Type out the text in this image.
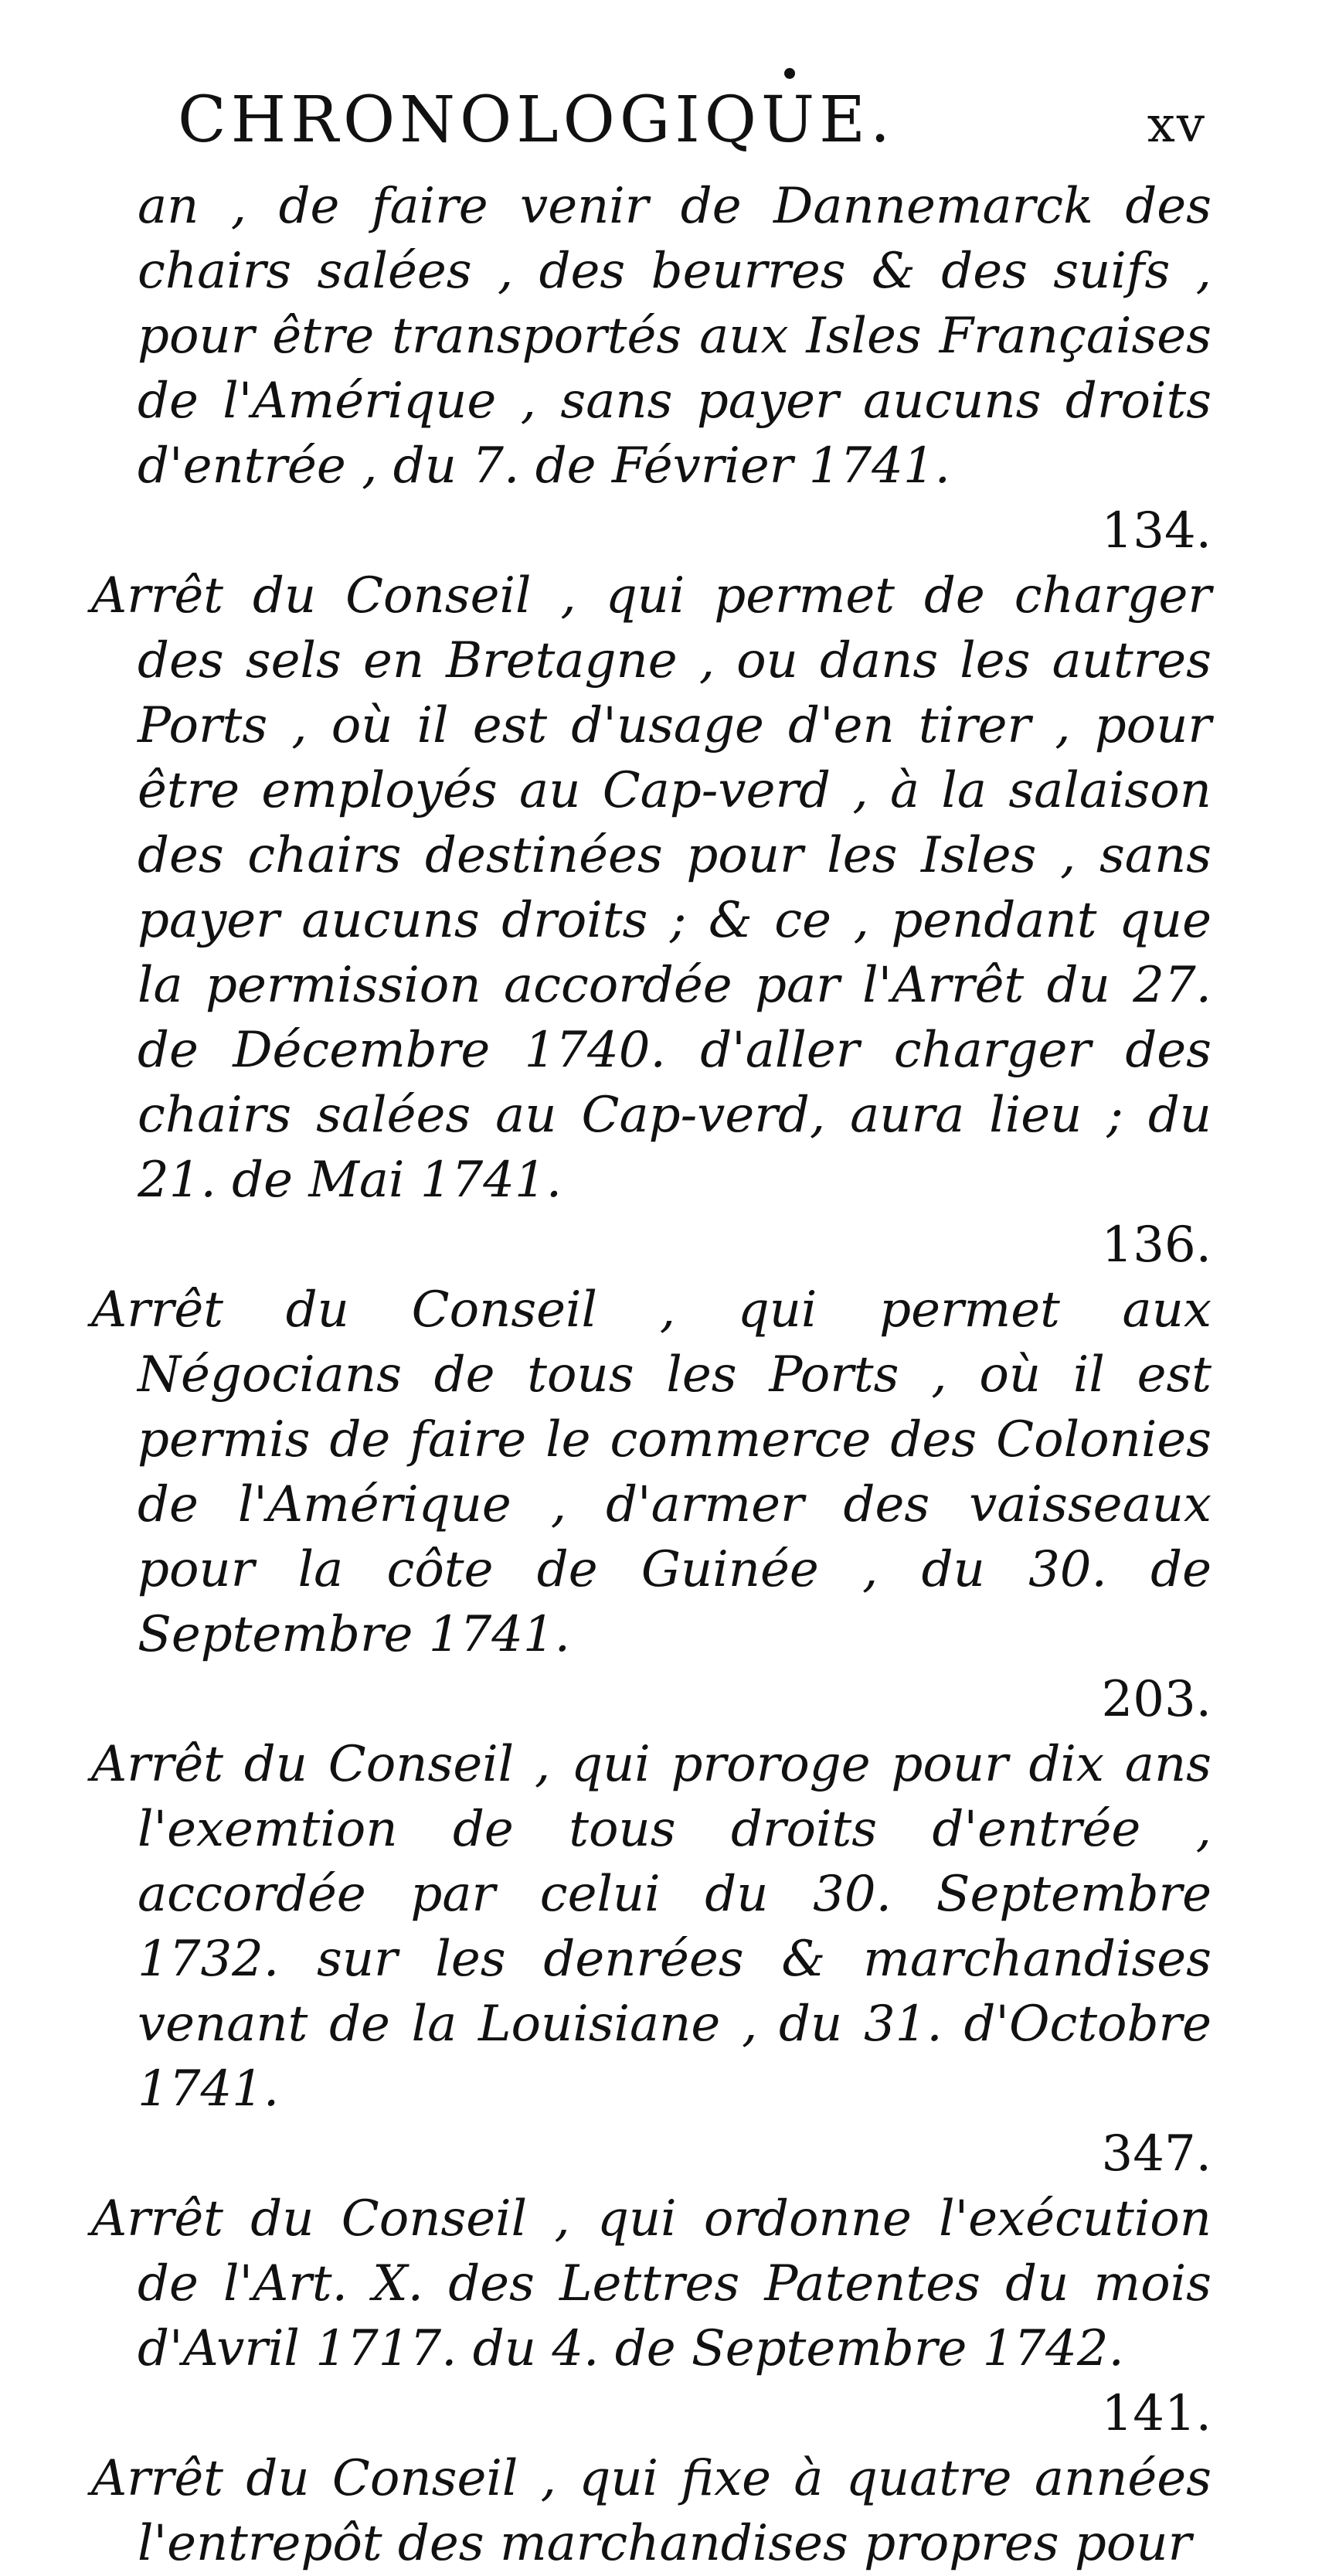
CHRONOLOGIQUE.	xv

an , de faire venir de Dannemarck des chairs salées , des beurres & des suifs , pour être transportés aux Isles Françaises de l'Amérique , sans payer aucuns droits d'entrée , du 7. de Février 1741.
134.

Arrêt du Conseil , qui permet de charger des sels en Bretagne , ou dans les autres Ports , où il est d'usage d'en tirer , pour être employés au Cap-verd , à la salaison des chairs destinées pour les Isles , sans payer aucuns droits ; & ce , pendant que la permission accordée par l'Arrêt du 27. de Décembre 1740. d'aller charger des chairs salées au Cap-verd, aura lieu ; du 21. de Mai 1741.
136.

Arrêt du Conseil , qui permet aux Négocians de tous les Ports , où il est permis de faire le commerce des Colonies de l'Amérique , d'armer des vaisseaux pour la côte de Guinée , du 30. de Septembre 1741.
203.

Arrêt du Conseil , qui proroge pour dix ans l'exemtion de tous droits d'entrée , accordée par celui du 30. Septembre 1732. sur les denrées & marchandises venant de la Louisiane , du 31. d'Octobre 1741.
347.

Arrêt du Conseil , qui ordonne l'exécution de l'Art. X. des Lettres Patentes du mois d'Avril 1717. du 4. de Septembre 1742.
141.

Arrêt du Conseil , qui fixe à quatre années l'entrepôt des marchandises propres pour
